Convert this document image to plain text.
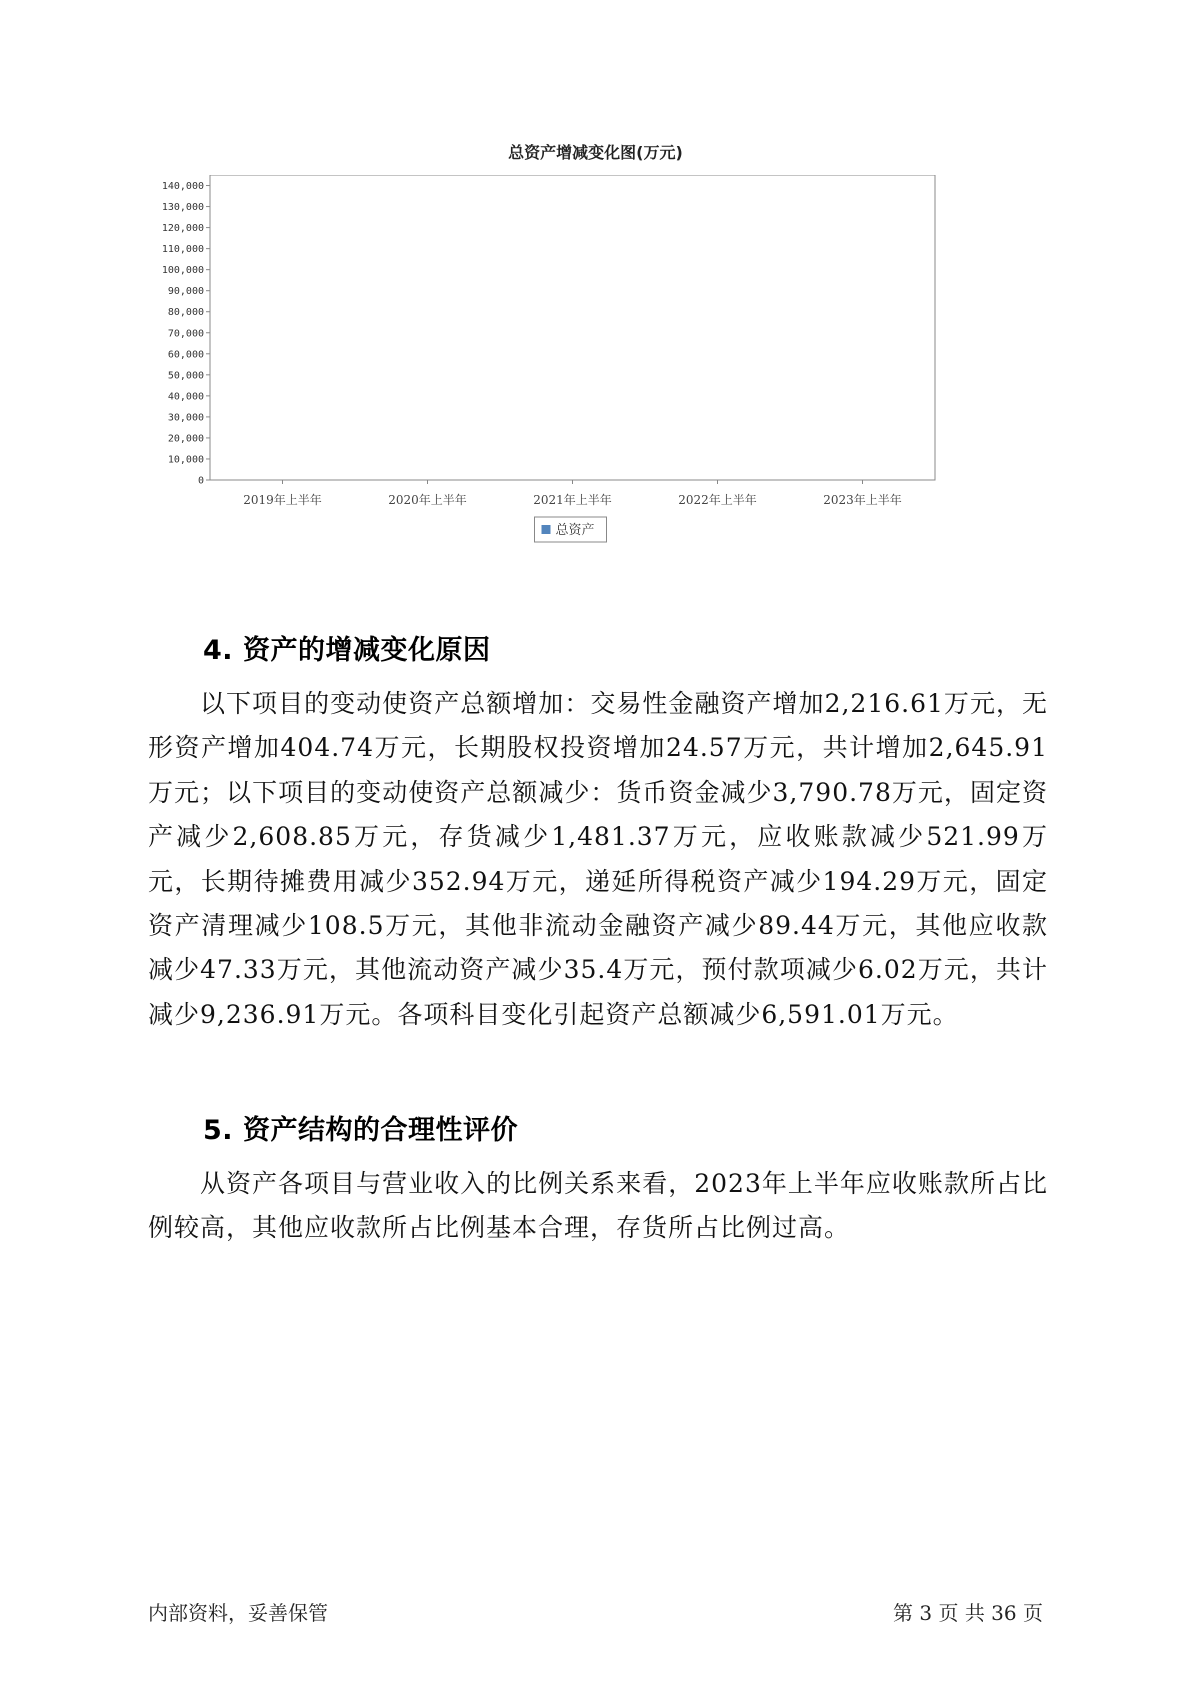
总资产增减变化图(万元)
0
10,000
20,000
30,000
40,000
50,000
60,000
70,000
80,000
90,000
100,000
110,000
120,000
130,000
140,000
2019年上半年	2020年上半年	2021年上半年	2022年上半年	2023年上半年
总资产
4. 资产的增减变化原因

以下项目的变动使资产总额增加：交易性金融资产增加2,216.61万元，无形资产增加404.74万元，长期股权投资增加24.57万元，共计增加2,645.91万元；以下项目的变动使资产总额减少：货币资金减少3,790.78万元，固定资产减少2,608.85万元，存货减少1,481.37万元，应收账款减少521.99万元，长期待摊费用减少352.94万元，递延所得税资产减少194.29万元，固定资产清理减少108.5万元，其他非流动金融资产减少89.44万元，其他应收款减少47.33万元，其他流动资产减少35.4万元，预付款项减少6.02万元，共计减少9,236.91万元。各项科目变化引起资产总额减少6,591.01万元。

5. 资产结构的合理性评价

从资产各项目与营业收入的比例关系来看，2023年上半年应收账款所占比例较高，其他应收款所占比例基本合理，存货所占比例过高。

内部资料，妥善保管	第 3 页 共 36 页
